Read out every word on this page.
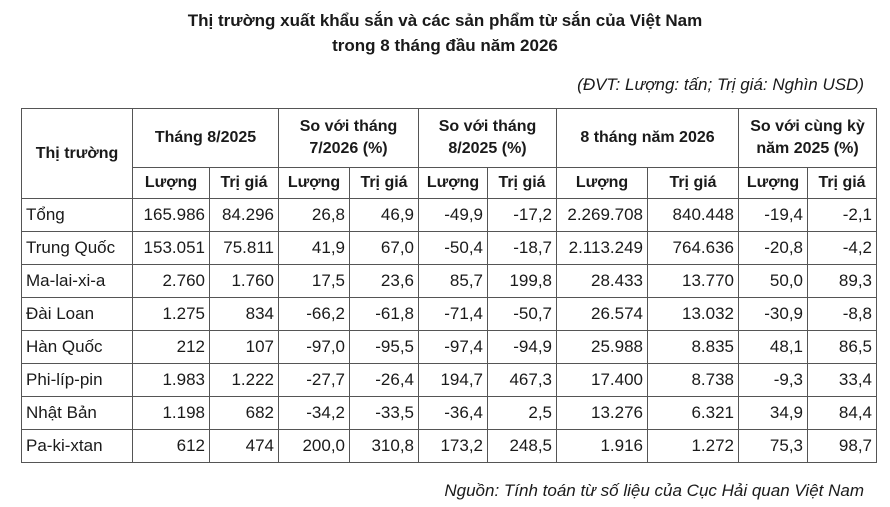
Thị trường xuất khẩu sắn và các sản phẩm từ sắn của Việt Nam
trong 8 tháng đầu năm 2026
(ĐVT: Lượng: tấn; Trị giá: Nghìn USD)
Thị trường	Tháng 8/2025		So với tháng 7/2026 (%)		So với tháng 8/2025 (%)		8 tháng năm 2026		So với cùng kỳ năm 2025 (%)	
	Lượng	Trị giá	Lượng	Trị giá	Lượng	Trị giá	Lượng	Trị giá	Lượng	Trị giá
Tổng	165.986	84.296	26,8	46,9	-49,9	-17,2	2.269.708	840.448	-19,4	-2,1
Trung Quốc	153.051	75.811	41,9	67,0	-50,4	-18,7	2.113.249	764.636	-20,8	-4,2
Ma-lai-xi-a	2.760	1.760	17,5	23,6	85,7	199,8	28.433	13.770	50,0	89,3
Đài Loan	1.275	834	-66,2	-61,8	-71,4	-50,7	26.574	13.032	-30,9	-8,8
Hàn Quốc	212	107	-97,0	-95,5	-97,4	-94,9	25.988	8.835	48,1	86,5
Phi-líp-pin	1.983	1.222	-27,7	-26,4	194,7	467,3	17.400	8.738	-9,3	33,4
Nhật Bản	1.198	682	-34,2	-33,5	-36,4	2,5	13.276	6.321	34,9	84,4
Pa-ki-xtan	612	474	200,0	310,8	173,2	248,5	1.916	1.272	75,3	98,7
Nguồn: Tính toán từ số liệu của Cục Hải quan Việt Nam
